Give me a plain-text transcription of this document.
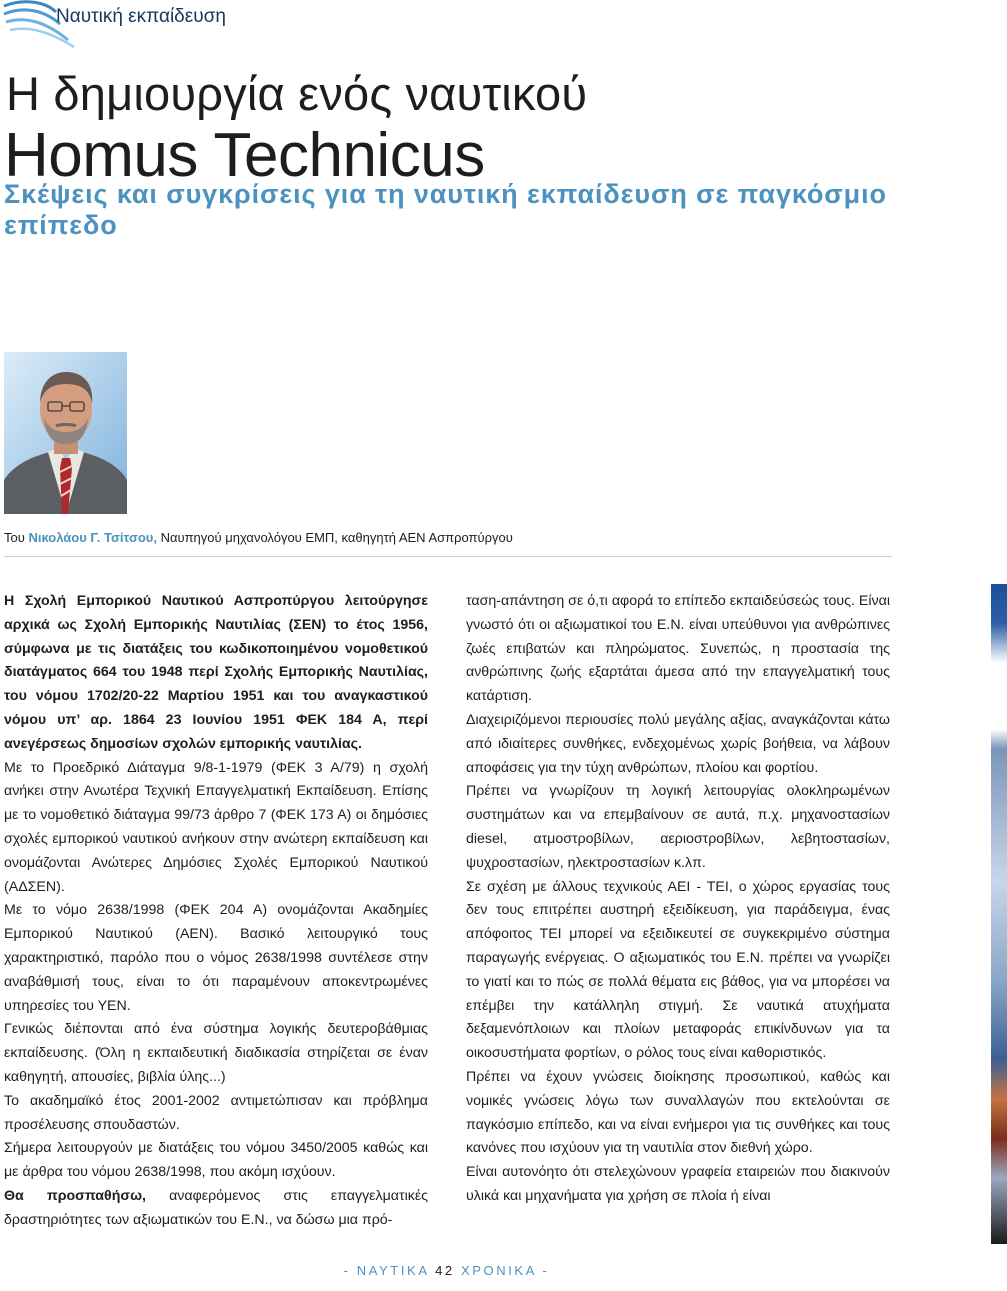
Ναυτική εκπαίδευση
Η δημιουργία ενός ναυτικού
Homus Technicus
Σκέψεις και συγκρίσεις για τη ναυτική εκπαίδευση σε παγκόσμιο επίπεδο
Του Νικολάου Γ. Τσίτσου, Ναυπηγού μηχανολόγου ΕΜΠ, καθηγητή ΑΕΝ Ασπροπύργου

Η Σχολή Εμπορικού Ναυτικού Ασπροπύργου λειτούργησε αρχικά ως Σχολή Εμπορικής Ναυτιλίας (ΣΕΝ) το έτος 1956, σύμφωνα με τις διατάξεις του κωδικοποιημένου νομοθετικού διατάγματος 664 του 1948 περί Σχολής Εμπορικής Ναυτιλίας, του νόμου 1702/20-22 Μαρτίου 1951 και του αναγκαστικού νόμου υπ’ αρ. 1864 23 Ιουνίου 1951 ΦΕΚ 184 Α, περί ανεγέρσεως δημοσίων σχολών εμπορικής ναυτιλίας.

Με το Προεδρικό Διάταγμα 9/8-1-1979 (ΦΕΚ 3 Α/79) η σχολή ανήκει στην Ανωτέρα Τεχνική Επαγγελματική Εκπαίδευση. Επίσης με το νομοθετικό διάταγμα 99/73 άρθρο 7 (ΦΕΚ 173 Α) οι δημόσιες σχολές εμπορικού ναυτικού ανήκουν στην ανώτερη εκπαίδευση και ονομάζονται Ανώτερες Δημόσιες Σχολές Εμπορικού Ναυτικού (ΑΔΣΕΝ).

Με το νόμο 2638/1998 (ΦΕΚ 204 Α) ονομάζονται Ακαδημίες Εμπορικού Ναυτικού (ΑΕΝ). Βασικό λειτουργικό τους χαρακτηριστικό, παρόλο που ο νόμος 2638/1998 συντέλεσε στην αναβάθμισή τους, είναι το ότι παραμένουν αποκεντρωμένες υπηρεσίες του ΥΕΝ.

Γενικώς διέπονται από ένα σύστημα λογικής δευτεροβάθμιας εκπαίδευσης. (Όλη η εκπαιδευτική διαδικασία στηρίζεται σε έναν καθηγητή, απουσίες, βιβλία ύλης...)

Το ακαδημαϊκό έτος 2001-2002 αντιμετώπισαν και πρόβλημα προσέλευσης σπουδαστών.

Σήμερα λειτουργούν με διατάξεις του νόμου 3450/2005 καθώς και με άρθρα του νόμου 2638/1998, που ακόμη ισχύουν.

Θα προσπαθήσω, αναφερόμενος στις επαγγελματικές δραστηριότητες των αξιωματικών του Ε.Ν., να δώσω μια πρό-

ταση-απάντηση σε ό,τι αφορά το επίπεδο εκπαιδεύσεώς τους. Είναι γνωστό ότι οι αξιωματικοί του Ε.Ν. είναι υπεύθυνοι για ανθρώπινες ζωές επιβατών και πληρώματος. Συνεπώς, η προστασία της ανθρώπινης ζωής εξαρτάται άμεσα από την επαγγελματική τους κατάρτιση.

Διαχειριζόμενοι περιουσίες πολύ μεγάλης αξίας, αναγκάζονται κάτω από ιδιαίτερες συνθήκες, ενδεχομένως χωρίς βοήθεια, να λάβουν αποφάσεις για την τύχη ανθρώπων, πλοίου και φορτίου.

Πρέπει να γνωρίζουν τη λογική λειτουργίας ολοκληρωμένων συστημάτων και να επεμβαίνουν σε αυτά, π.χ. μηχανοστασίων diesel, ατμοστροβίλων, αεριοστροβίλων, λεβητοστασίων, ψυχροστασίων, ηλεκτροστασίων κ.λπ.

Σε σχέση με άλλους τεχνικούς ΑΕΙ - ΤΕΙ, ο χώρος εργασίας τους δεν τους επιτρέπει αυστηρή εξειδίκευση, για παράδειγμα, ένας απόφοιτος ΤΕΙ μπορεί να εξειδικευτεί σε συγκεκριμένο σύστημα παραγωγής ενέργειας. Ο αξιωματικός του Ε.Ν. πρέπει να γνωρίζει το γιατί και το πώς σε πολλά θέματα εις βάθος, για να μπορέσει να επέμβει την κατάλληλη στιγμή. Σε ναυτικά ατυχήματα δεξαμενόπλοιων και πλοίων μεταφοράς επικίνδυνων για τα οικοσυστήματα φορτίων, ο ρόλος τους είναι καθοριστικός.

Πρέπει να έχουν γνώσεις διοίκησης προσωπικού, καθώς και νομικές γνώσεις λόγω των συναλλαγών που εκτελούνται σε παγκόσμιο επίπεδο, και να είναι ενήμεροι για τις συνθήκες και τους κανόνες που ισχύουν για τη ναυτιλία στον διεθνή χώρο.

Είναι αυτονόητο ότι στελεχώνουν γραφεία εταιρειών που διακινούν υλικά και μηχανήματα για χρήση σε πλοία ή είναι

- ΝΑΥΤΙΚΑ 42 ΧΡΟΝΙΚΑ -
